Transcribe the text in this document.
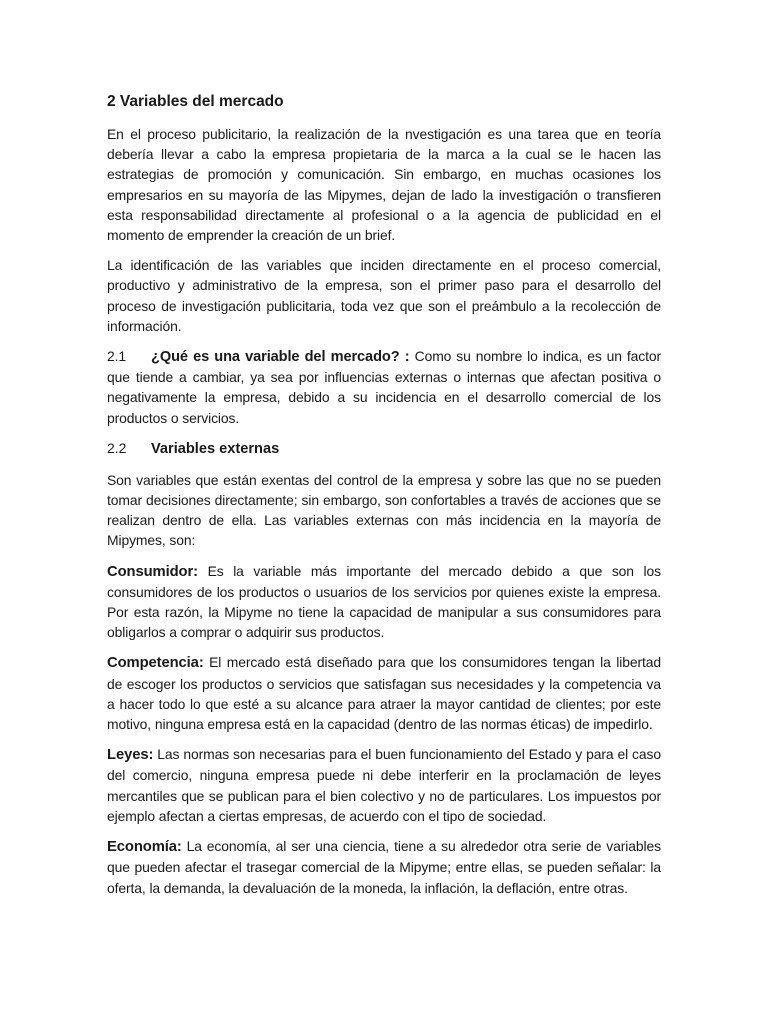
2 Variables del mercado

En el proceso publicitario, la realización de la nvestigación es una tarea que en teoría debería llevar a cabo la empresa propietaria de la marca a la cual se le hacen las estrategias de promoción y comunicación. Sin embargo, en muchas ocasiones los empresarios en su mayoría de las Mipymes, dejan de lado la investigación o transfieren esta responsabilidad directamente al profesional o a la agencia de publicidad en el momento de emprender la creación de un brief.

La identificación de las variables que inciden directamente en el proceso comercial, productivo y administrativo de la empresa, son el primer paso para el desarrollo del proceso de investigación publicitaria, toda vez que son el preámbulo a la recolección de información.

2.1 ¿Qué es una variable del mercado? : Como su nombre lo indica, es un factor que tiende a cambiar, ya sea por influencias externas o internas que afectan positiva o negativamente la empresa, debido a su incidencia en el desarrollo comercial de los productos o servicios.

2.2 Variables externas

Son variables que están exentas del control de la empresa y sobre las que no se pueden tomar decisiones directamente; sin embargo, son confortables a través de acciones que se realizan dentro de ella. Las variables externas con más incidencia en la mayoría de Mipymes, son:

Consumidor: Es la variable más importante del mercado debido a que son los consumidores de los productos o usuarios de los servicios por quienes existe la empresa. Por esta razón, la Mipyme no tiene la capacidad de manipular a sus consumidores para obligarlos a comprar o adquirir sus productos.

Competencia: El mercado está diseñado para que los consumidores tengan la libertad de escoger los productos o servicios que satisfagan sus necesidades y la competencia va a hacer todo lo que esté a su alcance para atraer la mayor cantidad de clientes; por este motivo, ninguna empresa está en la capacidad (dentro de las normas éticas) de impedirlo.

Leyes: Las normas son necesarias para el buen funcionamiento del Estado y para el caso del comercio, ninguna empresa puede ni debe interferir en la proclamación de leyes mercantiles que se publican para el bien colectivo y no de particulares. Los impuestos por ejemplo afectan a ciertas empresas, de acuerdo con el tipo de sociedad.

Economía: La economía, al ser una ciencia, tiene a su alrededor otra serie de variables que pueden afectar el trasegar comercial de la Mipyme; entre ellas, se pueden señalar: la oferta, la demanda, la devaluación de la moneda, la inflación, la deflación, entre otras.
